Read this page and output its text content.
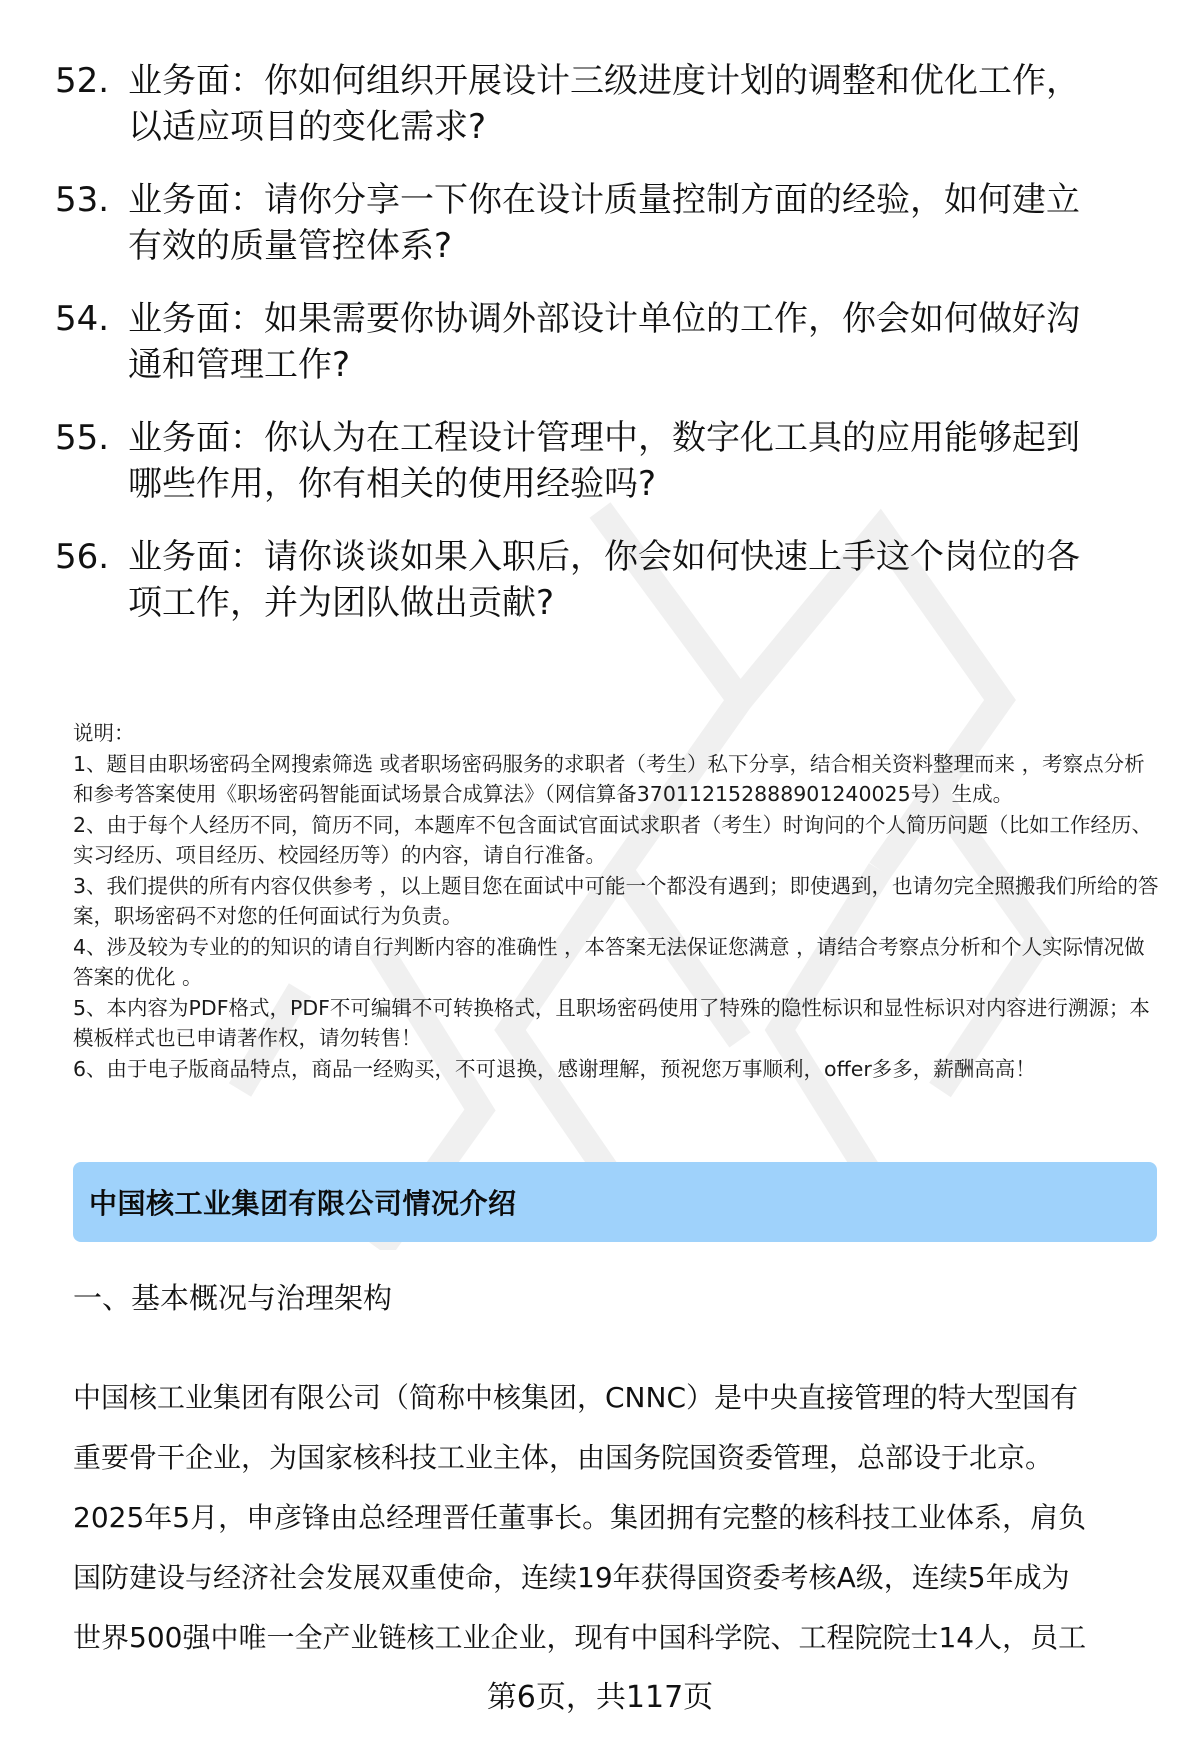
52. 业务面：你如何组织开展设计三级进度计划的调整和优化工作，
以适应项目的变化需求?
53. 业务面：请你分享一下你在设计质量控制方面的经验，如何建立
有效的质量管控体系?
54. 业务面：如果需要你协调外部设计单位的工作，你会如何做好沟
通和管理工作?
55. 业务面：你认为在工程设计管理中，数字化工具的应用能够起到
哪些作用，你有相关的使用经验吗?
56. 业务面：请你谈谈如果入职后，你会如何快速上手这个岗位的各
项工作，并为团队做出贡献?

说明：

1、题目由职场密码全网搜索筛选 或者职场密码服务的求职者（考生）私下分享，结合相关资料整理而来 ，考察点分析和参考答案使用《职场密码智能面试场景合成算法》（网信算备370112152888901240025号）生成。

2、由于每个人经历不同，简历不同，本题库不包含面试官面试求职者（考生）时询问的个人简历问题（比如工作经历、实习经历、项目经历、校园经历等）的内容，请自行准备。

3、我们提供的所有内容仅供参考 ，以上题目您在面试中可能一个都没有遇到；即使遇到，也请勿完全照搬我们所给的答案，职场密码不对您的任何面试行为负责。

4、涉及较为专业的的知识的请自行判断内容的准确性 ，本答案无法保证您满意 ，请结合考察点分析和个人实际情况做答案的优化 。

5、本内容为PDF格式，PDF不可编辑不可转换格式，且职场密码使用了特殊的隐性标识和显性标识对内容进行溯源；本模板样式也已申请著作权，请勿转售！

6、由于电子版商品特点，商品一经购买，不可退换，感谢理解，预祝您万事顺利，offer多多，薪酬高高！

中国核工业集团有限公司情况介绍
一、基本概况与治理架构
中国核工业集团有限公司（简称中核集团，CNNC）是中央直接管理的特大型国有
重要骨干企业，为国家核科技工业主体，由国务院国资委管理，总部设于北京。
2025年5月，申彦锋由总经理晋任董事长。集团拥有完整的核科技工业体系，肩负
国防建设与经济社会发展双重使命，连续19年获得国资委考核A级，连续5年成为
世界500强中唯一全产业链核工业企业，现有中国科学院、工程院院士14人，员工
第6页，共117页
